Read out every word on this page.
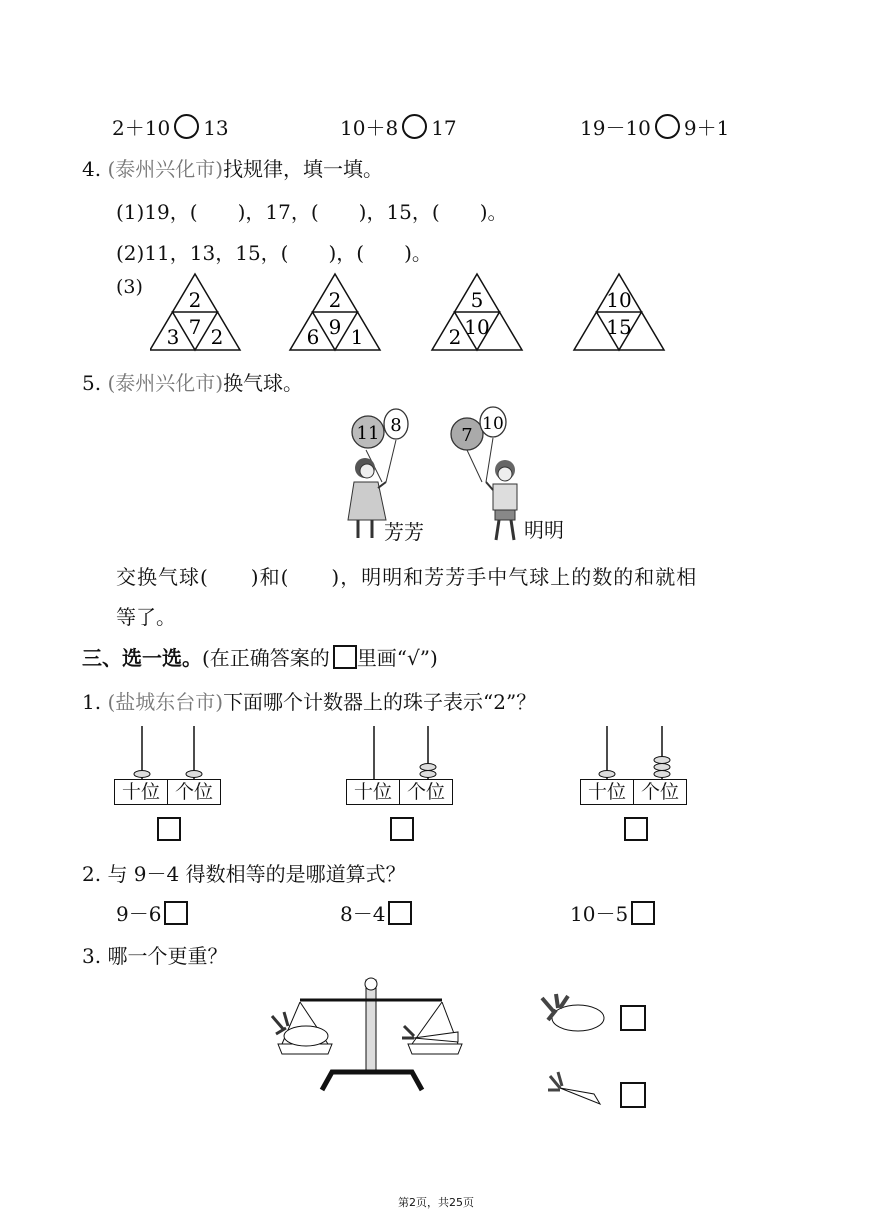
2＋10 13	10＋8 17	19－10 9＋1
4. (泰州兴化市)找规律，填一填。
(1)19，(　　)，17，(　　)，15，(　　)。
(2)11，13，15，(　　)，(　　)。
(3)
2
3 7 2
2
6 9 1
5
2 10
10
15
5. (泰州兴化市)换气球。
11 8	7
10
芳芳	明明
交换气球(　　)和(　　)，明明和芳芳手中气球上的数的和就相
等了。
三、选一选。(在正确答案的 里画“√”)
1. (盐城东台市)下面哪个计数器上的珠子表示“2”？
十位 个位	十位 个位	十位 个位
2. 与 9－4 得数相等的是哪道算式？
9－6	8－4	10－5
3. 哪一个更重？
第2页，共25页
